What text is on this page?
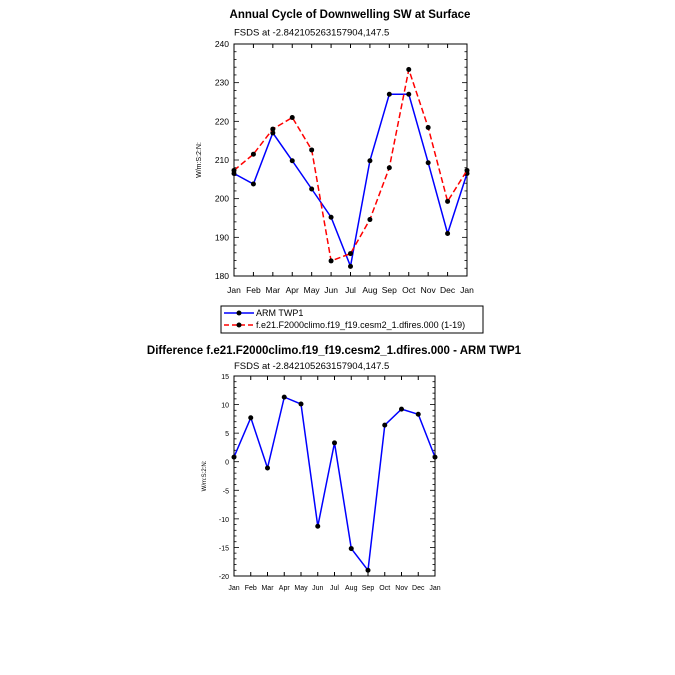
Annual Cycle of Downwelling SW at Surface
FSDS at -2.842105263157904,147.5
W/m:S:2:N:
Jan Feb Mar Apr May Jun Jul Aug Sep Oct Nov Dec Jan
180
190
200
210
220
230
240
ARM TWP1
f.e21.F2000climo.f19_f19.cesm2_1.dfires.000 (1-19)
Difference f.e21.F2000climo.f19_f19.cesm2_1.dfires.000 - ARM TWP1
FSDS at -2.842105263157904,147.5
W/m:S:2:N:
Jan Feb Mar Apr May Jun Jul Aug Sep Oct Nov Dec Jan
-20
-15
-10
-5
0
5
10
15
